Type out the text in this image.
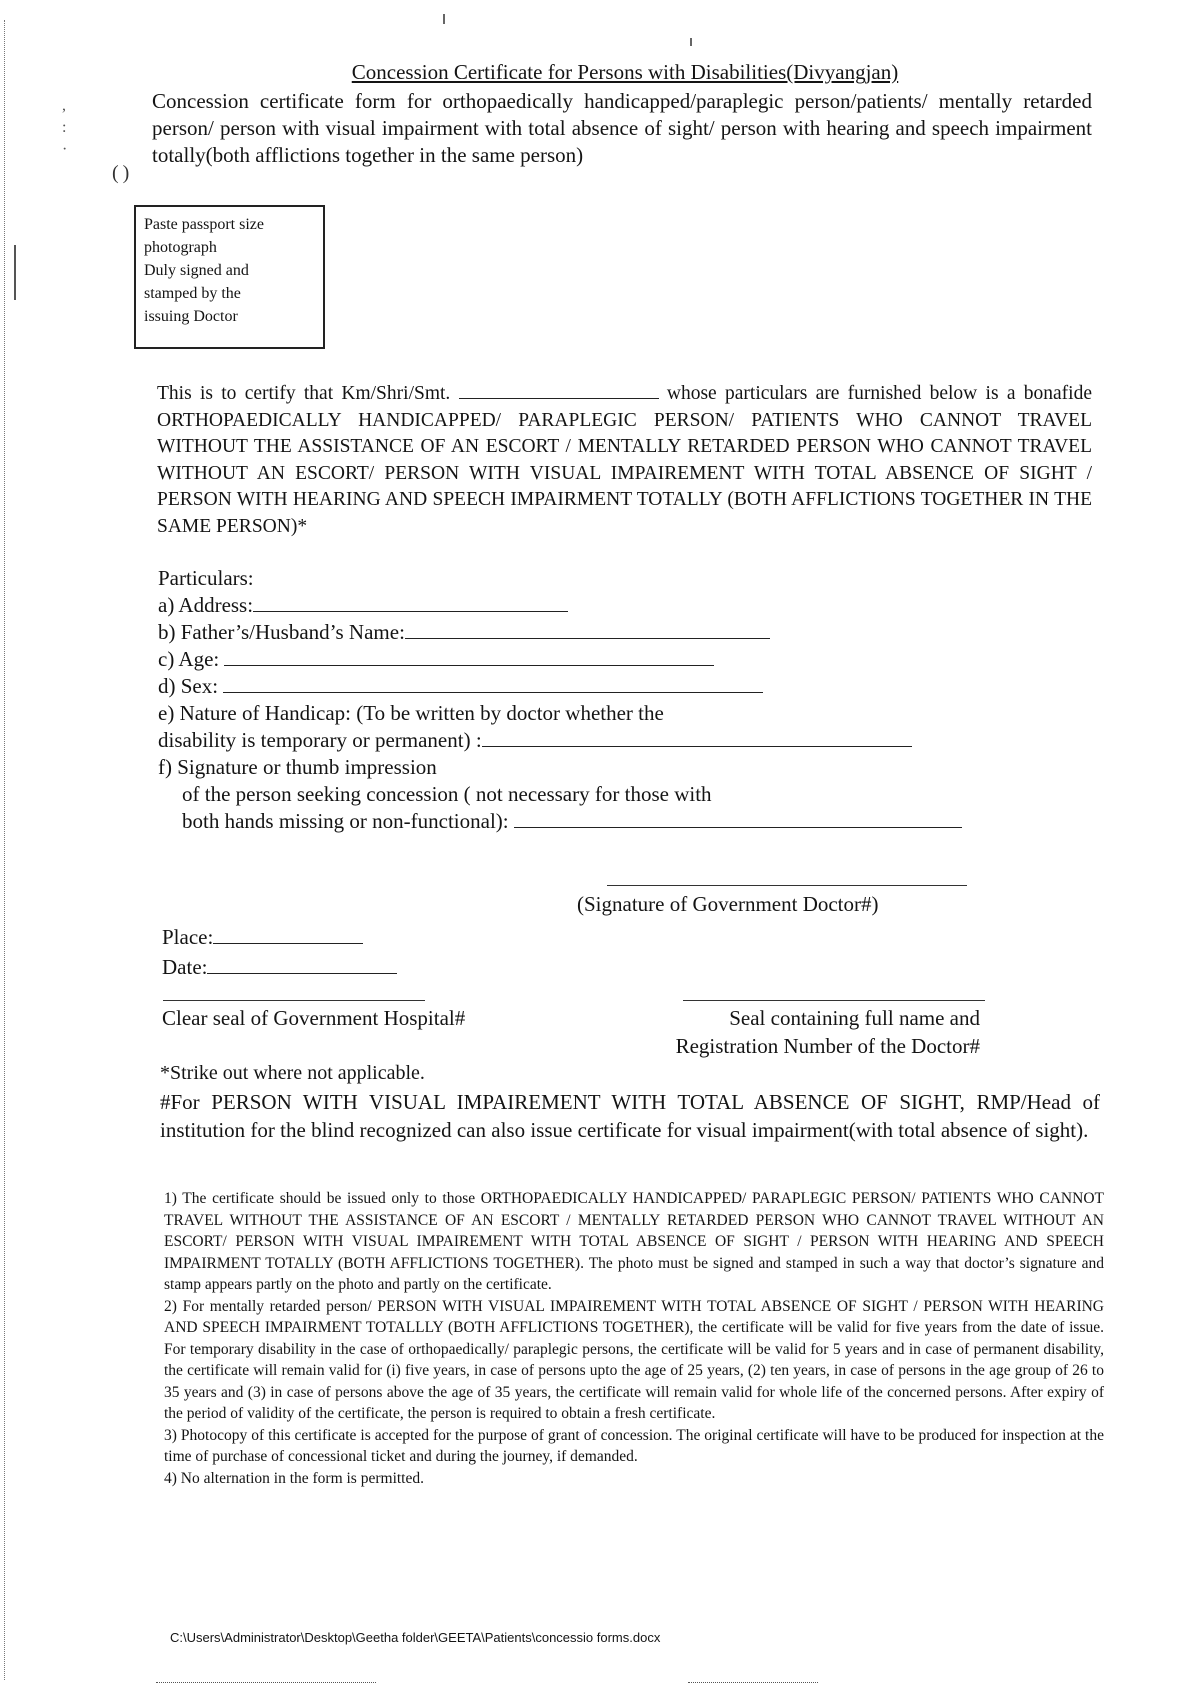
( )
Concession Certificate for Persons with Disabilities(Divyangjan)
Concession certificate form for orthopaedically handicapped/paraplegic person/patients/ mentally retarded person/ person with visual impairment with total absence of sight/ person with hearing and speech impairment totally(both afflictions together in the same person)
Paste passport size
photograph
Duly signed and
stamped by the
issuing Doctor
This is to certify that Km/Shri/Smt.	whose particulars are furnished below is a bonafide ORTHOPAEDICALLY HANDICAPPED/ PARAPLEGIC PERSON/ PATIENTS WHO CANNOT TRAVEL WITHOUT THE ASSISTANCE OF AN ESCORT / MENTALLY RETARDED PERSON WHO CANNOT TRAVEL WITHOUT AN ESCORT/ PERSON WITH VISUAL IMPAIREMENT WITH TOTAL ABSENCE OF SIGHT / PERSON WITH HEARING AND SPEECH IMPAIRMENT TOTALLY (BOTH AFFLICTIONS TOGETHER IN THE SAME PERSON)*
Particulars:
a) Address:
b) Father’s/Husband’s Name:
c) Age:
d) Sex:
e) Nature of Handicap: (To be written by doctor whether the
disability is temporary or permanent) :
f) Signature or thumb impression
of the person seeking concession ( not necessary for those with
both hands missing or non-functional):
(Signature of Government Doctor#)
Place:
Date:
Clear seal of Government Hospital#	Seal containing full name and
Registration Number of the Doctor#
*Strike out where not applicable.
#For PERSON WITH VISUAL IMPAIREMENT WITH TOTAL ABSENCE OF SIGHT, RMP/Head of institution for the blind recognized can also issue certificate for visual impairment(with total absence of sight).

1) The certificate should be issued only to those ORTHOPAEDICALLY HANDICAPPED/ PARAPLEGIC PERSON/ PATIENTS WHO CANNOT TRAVEL WITHOUT THE ASSISTANCE OF AN ESCORT / MENTALLY RETARDED PERSON WHO CANNOT TRAVEL WITHOUT AN ESCORT/ PERSON WITH VISUAL IMPAIREMENT WITH TOTAL ABSENCE OF SIGHT / PERSON WITH HEARING AND SPEECH IMPAIRMENT TOTALLY (BOTH AFFLICTIONS TOGETHER). The photo must be signed and stamped in such a way that doctor’s signature and stamp appears partly on the photo and partly on the certificate.

2) For mentally retarded person/ PERSON WITH VISUAL IMPAIREMENT WITH TOTAL ABSENCE OF SIGHT / PERSON WITH HEARING AND SPEECH IMPAIRMENT TOTALLLY (BOTH AFFLICTIONS TOGETHER), the certificate will be valid for five years from the date of issue. For temporary disability in the case of orthopaedically/ paraplegic persons, the certificate will be valid for 5 years and in case of permanent disability, the certificate will remain valid for (i) five years, in case of persons upto the age of 25 years, (2) ten years, in case of persons in the age group of 26 to 35 years and (3) in case of persons above the age of 35 years, the certificate will remain valid for whole life of the concerned persons. After expiry of the period of validity of the certificate, the person is required to obtain a fresh certificate.

3) Photocopy of this certificate is accepted for the purpose of grant of concession. The original certificate will have to be produced for inspection at the time of purchase of concessional ticket and during the journey, if demanded.

4) No alternation in the form is permitted.

C:\Users\Administrator\Desktop\Geetha folder\GEETA\Patients\concessio forms.docx
,
:
·
